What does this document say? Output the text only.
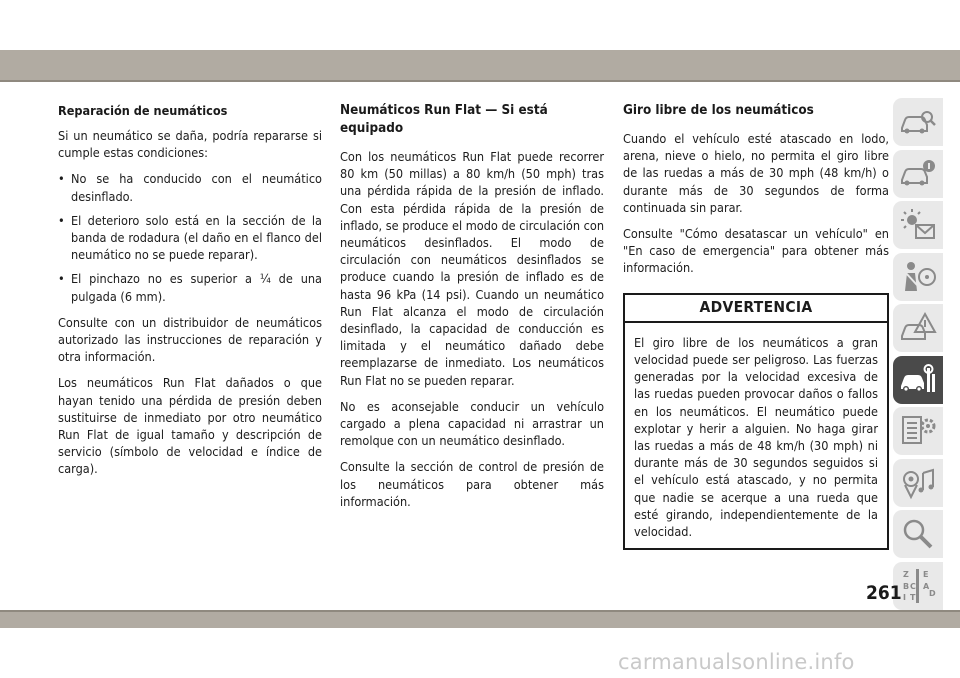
Reparación de neumáticos

Si un neumático se daña, podría repararse si cumple estas condiciones:

• No se ha conducido con el neumático desinflado.
• El deterioro solo está en la sección de la banda de rodadura (el daño en el flanco del neumático no se puede reparar).
• El pinchazo no es superior a ¼ de una pulgada (6 mm).

Consulte con un distribuidor de neumáticos autorizado las instrucciones de reparación y otra información.

Los neumáticos Run Flat dañados o que hayan tenido una pérdida de presión deben sustituirse de inmediato por otro neumático Run Flat de igual tamaño y descripción de servicio (símbolo de velocidad e índice de carga).

Neumáticos Run Flat — Si está equipado

Con los neumáticos Run Flat puede recorrer 80 km (50 millas) a 80 km/h (50 mph) tras una pérdida rápida de la presión de inflado. Con esta pérdida rápida de la presión de inflado, se produce el modo de circulación con neumáticos desinflados. El modo de circulación con neumáticos desinflados se produce cuando la presión de inflado es de hasta 96 kPa (14 psi). Cuando un neumático Run Flat alcanza el modo de circulación desinflado, la capacidad de conducción es limitada y el neumático dañado debe reemplazarse de inmediato. Los neumáticos Run Flat no se pueden reparar.

No es aconsejable conducir un vehículo cargado a plena capacidad ni arrastrar un remolque con un neumático desinflado.

Consulte la sección de control de presión de los neumáticos para obtener más información.

Giro libre de los neumáticos

Cuando el vehículo esté atascado en lodo, arena, nieve o hielo, no permita el giro libre de las ruedas a más de 30 mph (48 km/h) o durante más de 30 segundos de forma continuada sin parar.

Consulte "Cómo desatascar un vehículo" en "En caso de emergencia" para obtener más información.

ADVERTENCIA
El giro libre de los neumáticos a gran velocidad puede ser peligroso. Las fuerzas generadas por la velocidad excesiva de las ruedas pueden provocar daños o fallos en los neumáticos. El neumático puede explotar y herir a alguien. No haga girar las ruedas a más de 48 km/h (30 mph) ni durante más de 30 segundos seguidos si el vehículo está atascado, y no permita que nadie se acerque a una rueda que esté girando, independientemente de la velocidad.
Z E
B A
C
D
I T
261
carmanualsonline.info
